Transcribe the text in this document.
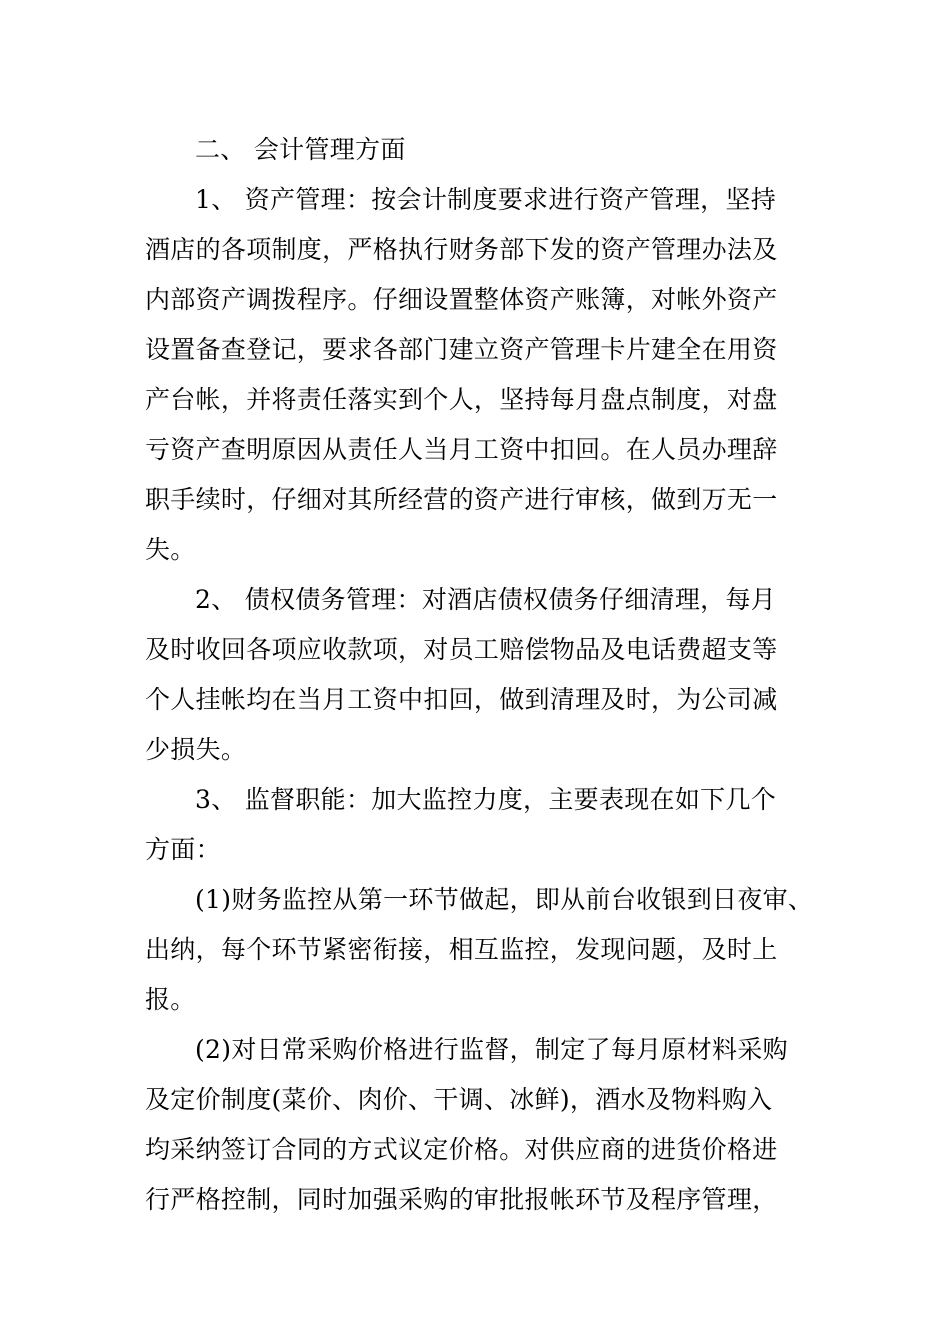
二、 会计管理方面
1、 资产管理：按会计制度要求进行资产管理，坚持
酒店的各项制度，严格执行财务部下发的资产管理办法及
内部资产调拨程序。仔细设置整体资产账簿，对帐外资产
设置备查登记，要求各部门建立资产管理卡片建全在用资
产台帐，并将责任落实到个人，坚持每月盘点制度，对盘
亏资产查明原因从责任人当月工资中扣回。在人员办理辞
职手续时，仔细对其所经营的资产进行审核，做到万无一
失。
2、 债权债务管理：对酒店债权债务仔细清理，每月
及时收回各项应收款项，对员工赔偿物品及电话费超支等
个人挂帐均在当月工资中扣回，做到清理及时，为公司减
少损失。
3、 监督职能：加大监控力度，主要表现在如下几个
方面：
(1)财务监控从第一环节做起，即从前台收银到日夜审、
出纳，每个环节紧密衔接，相互监控，发现问题，及时上
报。
(2)对日常采购价格进行监督，制定了每月原材料采购
及定价制度(菜价、肉价、干调、冰鲜)，酒水及物料购入
均采纳签订合同的方式议定价格。对供应商的进货价格进
行严格控制，同时加强采购的审批报帐环节及程序管理，
